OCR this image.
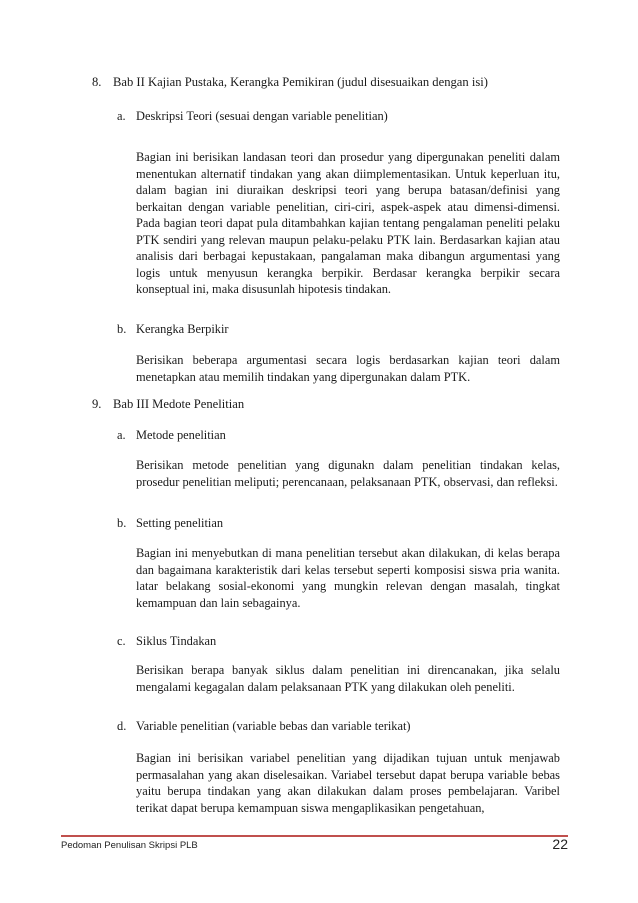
8. Bab II Kajian Pustaka, Kerangka Pemikiran (judul disesuaikan dengan isi)
a. Deskripsi Teori (sesuai dengan variable penelitian)

Bagian ini berisikan landasan teori dan prosedur yang dipergunakan peneliti dalam menentukan alternatif tindakan yang akan diimplementasikan. Untuk keperluan itu, dalam bagian ini diuraikan deskripsi teori yang berupa batasan/definisi yang berkaitan dengan variable penelitian, ciri-ciri, aspek-aspek atau dimensi-dimensi. Pada bagian teori dapat pula ditambahkan kajian tentang pengalaman peneliti pelaku PTK sendiri yang relevan maupun pelaku-pelaku PTK lain. Berdasarkan kajian atau analisis dari berbagai kepustakaan, pangalaman maka dibangun argumentasi yang logis untuk menyusun kerangka berpikir. Berdasar kerangka berpikir secara konseptual ini, maka disusunlah hipotesis tindakan.

b. Kerangka Berpikir

Berisikan beberapa argumentasi secara logis berdasarkan kajian teori dalam menetapkan atau memilih tindakan yang dipergunakan dalam PTK.

9. Bab III Medote Penelitian
a. Metode penelitian

Berisikan metode penelitian yang digunakn dalam penelitian tindakan kelas, prosedur penelitian meliputi; perencanaan, pelaksanaan PTK, observasi, dan refleksi.

b. Setting penelitian

Bagian ini menyebutkan di mana penelitian tersebut akan dilakukan, di kelas berapa dan bagaimana karakteristik dari kelas tersebut seperti komposisi siswa pria wanita. latar belakang sosial-ekonomi yang mungkin relevan dengan masalah, tingkat kemampuan dan lain sebagainya.

c. Siklus Tindakan

Berisikan berapa banyak siklus dalam penelitian ini direncanakan, jika selalu mengalami kegagalan dalam pelaksanaan PTK yang dilakukan oleh peneliti.

d. Variable penelitian (variable bebas dan variable terikat)

Bagian ini berisikan variabel penelitian yang dijadikan tujuan untuk menjawab permasalahan yang akan diselesaikan. Variabel tersebut dapat berupa variable bebas yaitu berupa tindakan yang akan dilakukan dalam proses pembelajaran. Varibel terikat dapat berupa kemampuan siswa mengaplikasikan pengetahuan,

Pedoman Penulisan Skripsi PLB	22
